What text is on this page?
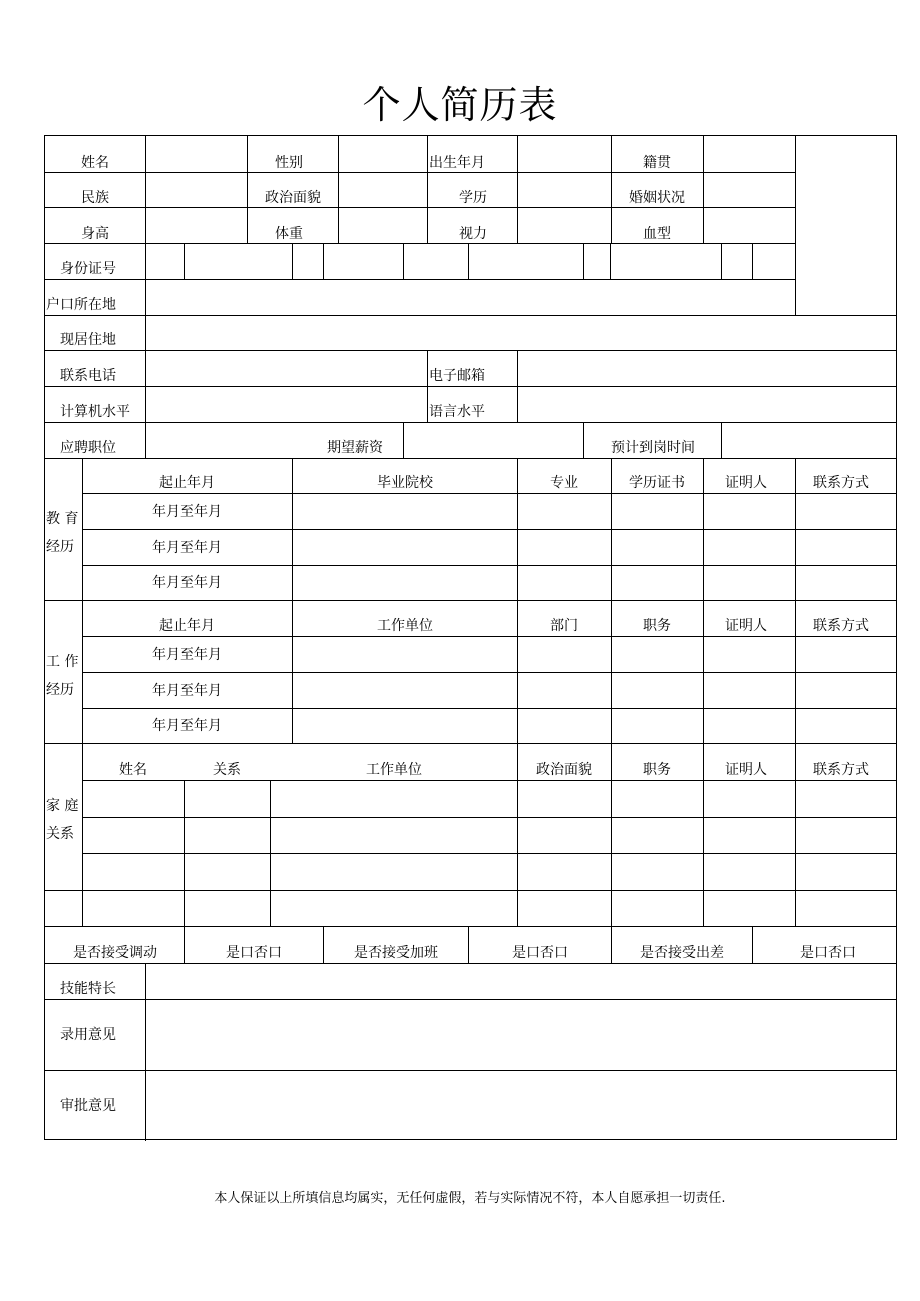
个人简历表
姓名	性别	出生年月	籍贯
民族	政治面貌	学历	婚姻状况
身高	体重	视力	血型
身份证号
户口所在地
现居住地
联系电话	电子邮箱
计算机水平	语言水平
应聘职位	期望薪资	预计到岗时间
教 育
经历
起止年月	毕业院校	专业	学历证书	证明人	联系方式
年月至年月
年月至年月
年月至年月
工 作
经历
起止年月	工作单位	部门	职务	证明人	联系方式
年月至年月
年月至年月
年月至年月
家 庭
关系
姓名	关系	工作单位	政治面貌	职务	证明人	联系方式
是否接受调动	是口否口	是否接受加班	是口否口	是否接受出差	是口否口
技能特长
录用意见
审批意见
本人保证以上所填信息均属实，无任何虚假，若与实际情况不符，本人自愿承担一切责任.
